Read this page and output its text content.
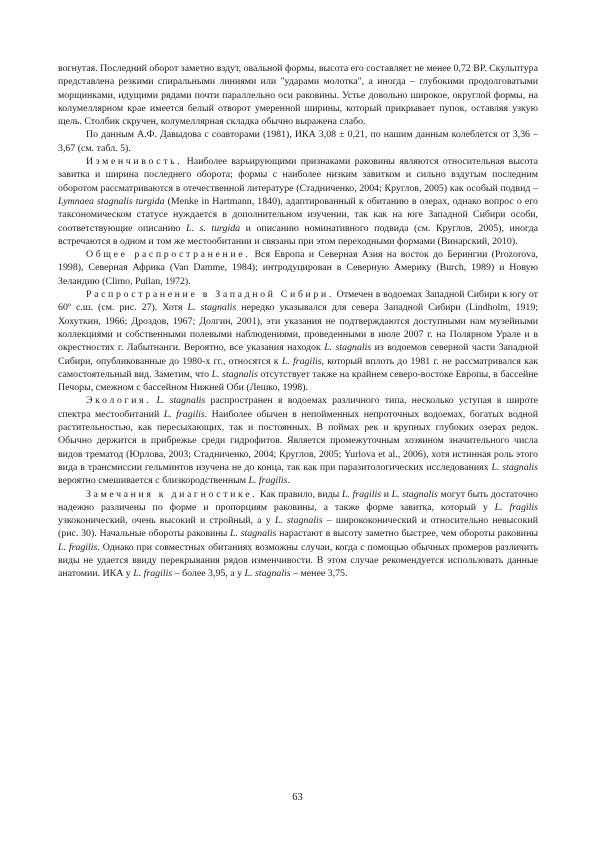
вогнутая. Последний оборот заметно вздут, овальной формы, высота его составляет не менее 0,72 ВР. Скульптура представлена резкими спиральными линиями или "ударами молотка", а иногда – глубокими продолговатыми морщинками, идущими рядами почти параллельно оси раковины. Устье довольно широкое, округлой формы, на колумеллярном крае имеется белый отворот умеренной ширины, который прикрывает пупок, оставляя узкую щель. Столбик скручен, колумеллярная складка обычно выражена слабо.

По данным А.Ф. Давыдова с соавторами (1981), ИКА 3,08 ± 0,21, по нашим данным колеблется от 3,36 – 3,67 (см. табл. 5).

Изменчивость. Наиболее варьирующими признаками раковины являются относительная высота завитка и ширина последнего оборота; формы с наиболее низким завитком и сильно вздутым последним оборотом рассматриваются в отечественной литературе (Стадниченко, 2004; Круглов, 2005) как особый подвид – Lymnaea stagnalis turgida (Menke in Hartmann, 1840), адаптированный к обитанию в озерах, однако вопрос о его таксономическом статусе нуждается в дополнительном изучении, так как на юге Западной Сибири особи, соответствующие описанию L. s. turgida и описанию номинативного подвида (см. Круглов, 2005), иногда встречаются в одном и том же местообитании и связаны при этом переходными формами (Винарский, 2010).

Общее распространение. Вся Европа и Северная Азия на восток до Берингии (Prozorova, 1998), Северная Африка (Van Damme, 1984); интродуцирован в Северную Америку (Burch, 1989) и Новую Зеландию (Climo, Pullan, 1972).

Распространение в Западной Сибири. Отмечен в водоемах Западной Сибири к югу от 60º с.ш. (см. рис. 27). Хотя L. stagnalis нередко указывался для севера Западной Сибири (Lindholm, 1919; Хохуткин, 1966; Дроздов, 1967; Долгин, 2001), эти указания не подтверждаются доступными нам музейными коллекциями и собственными полевыми наблюдениями, проведенными в июле 2007 г. на Полярном Урале и в окрестностях г. Лабытнанги. Вероятно, все указания находок L. stagnalis из водоемов северной части Западной Сибири, опубликованные до 1980-х гг., относятся к L. fragilis, который вплоть до 1981 г. не рассматривался как самостоятельный вид. Заметим, что L. stagnalis отсутствует также на крайнем северо-востоке Европы, в бассейне Печоры, смежном с бассейном Нижней Оби (Лешко, 1998).

Экология. L. stagnalis распространен в водоемах различного типа, несколько уступая в широте спектра местообитаний L. fragilis. Наиболее обычен в непойменных непроточных водоемах, богатых водной растительностью, как пересыхающих, так и постоянных. В поймах рек и крупных глубоких озерах редок. Обычно держится в прибрежье среди гидрофитов. Является промежуточным хозяином значительного числа видов трематод (Юрлова, 2003; Стадниченко, 2004; Круглов, 2005; Yurlova et al., 2006), хотя истинная роль этого вида в трансмиссии гельминтов изучена не до конца, так как при паразитологических исследованиях L. stagnalis вероятно смешивается с близкородственным L. fragilis.

Замечания к диагностике. Как правило, виды L. fragilis и L. stagnalis могут быть достаточно надежно различены по форме и пропорциям раковины, а также форме завитка, который у L. fragilis узкоконический, очень высокий и стройный, а у L. stagnalis – ширококонический и относительно невысокий (рис. 30). Начальные обороты раковины L. stagnalis нарастают в высоту заметно быстрее, чем обороты раковины L. fragilis. Однако при совместных обитаниях возможны случаи, когда с помощью обычных промеров различить виды не удается ввиду перекрывания рядов изменчивости. В этом случае рекомендуется использовать данные анатомии. ИКА у L. fragilis – более 3,95, а у L. stagnalis – менее 3,75.

63
